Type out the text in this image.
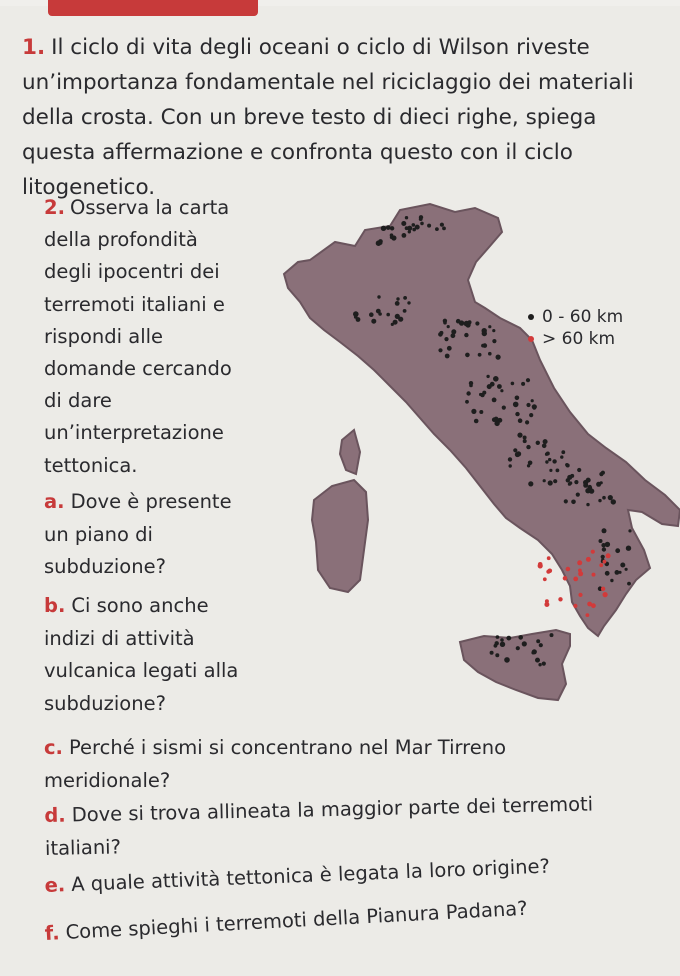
1. Il ciclo di vita degli oceani o ciclo di Wilson riveste un’importanza fondamentale nel riciclaggio dei materiali della crosta. Con un breve testo di dieci righe, spiega questa affermazione e confronta questo con il ciclo litogenetico.
2. Osserva la carta della profondità degli ipocentri dei terremoti italiani e rispondi alle domande cercando di dare un’interpretazione tettonica.
a. Dove è presente un piano di subduzione?
b. Ci sono anche indizi di attività vulcanica legati alla subduzione?
c. Perché i sismi si concentrano nel Mar Tirreno meridionale?
d. Dove si trova allineata la maggior parte dei terremoti italiani?
e. A quale attività tettonica è legata la loro origine?
f. Come spieghi i terremoti della Pianura Padana?
0 - 60 km
> 60 km
